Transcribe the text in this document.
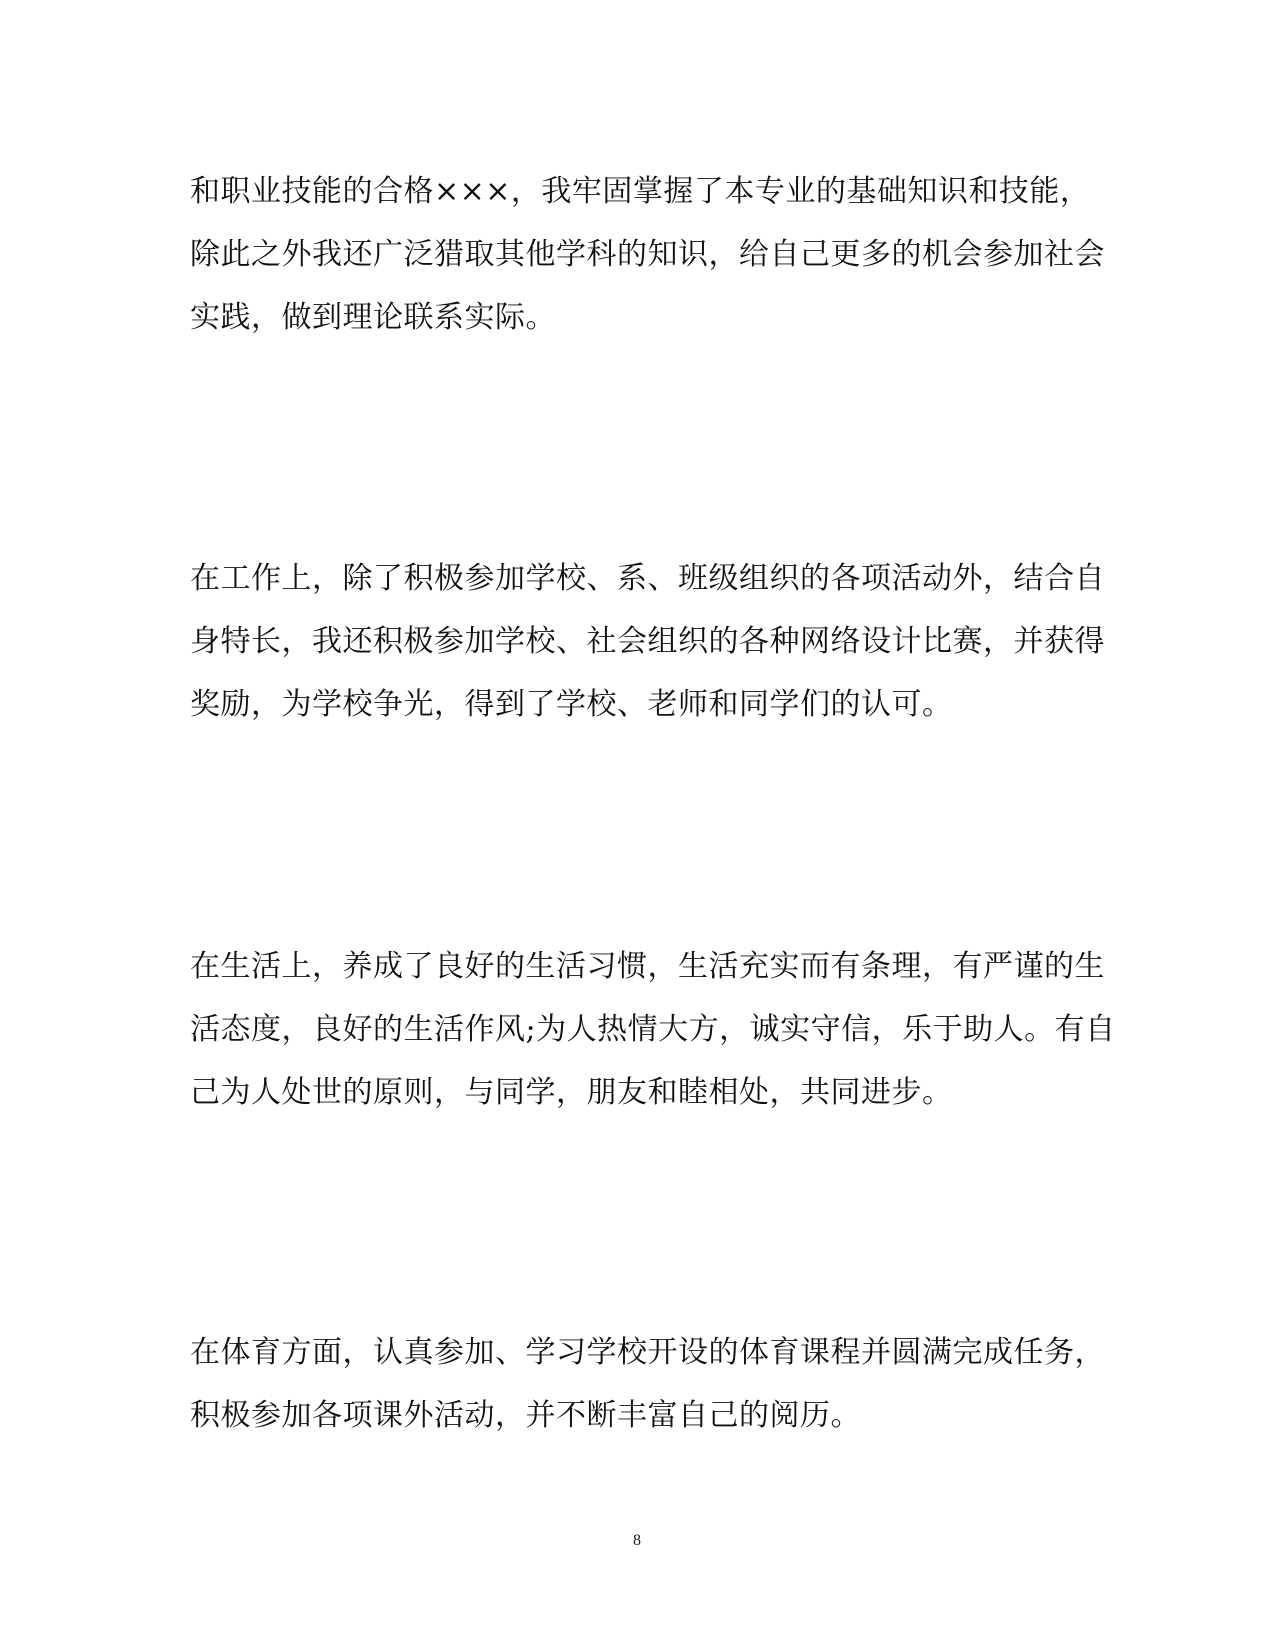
和职业技能的合格×××，我牢固掌握了本专业的基础知识和技能，
除此之外我还广泛猎取其他学科的知识，给自己更多的机会参加社会
实践，做到理论联系实际。
在工作上，除了积极参加学校、系、班级组织的各项活动外，结合自
身特长，我还积极参加学校、社会组织的各种网络设计比赛，并获得
奖励，为学校争光，得到了学校、老师和同学们的认可。
在生活上，养成了良好的生活习惯，生活充实而有条理，有严谨的生
活态度，良好的生活作风;为人热情大方，诚实守信，乐于助人。有自
己为人处世的原则，与同学，朋友和睦相处，共同进步。
在体育方面，认真参加、学习学校开设的体育课程并圆满完成任务，
积极参加各项课外活动，并不断丰富自己的阅历。
8
